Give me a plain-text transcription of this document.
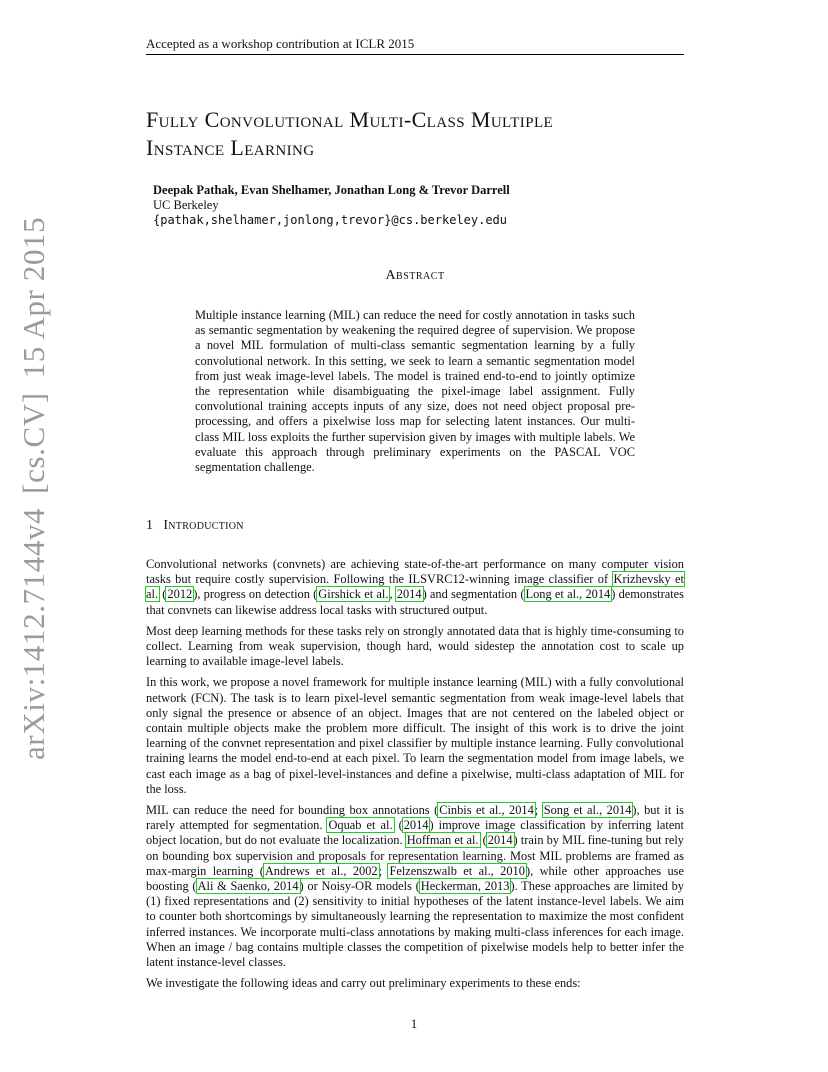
Accepted as a workshop contribution at ICLR 2015
Fully Convolutional Multi-Class Multiple
Instance Learning
Deepak Pathak, Evan Shelhamer, Jonathan Long & Trevor Darrell
UC Berkeley
{pathak,shelhamer,jonlong,trevor}@cs.berkeley.edu
Abstract
Multiple instance learning (MIL) can reduce the need for costly annotation in tasks such as semantic segmentation by weakening the required degree of supervision. We propose a novel MIL formulation of multi-class semantic segmentation learning by a fully convolutional network. In this setting, we seek to learn a semantic segmentation model from just weak image-level labels. The model is trained end-to-end to jointly optimize the representation while disambiguating the pixel-image label assignment. Fully convolutional training accepts inputs of any size, does not need object proposal pre-processing, and offers a pixelwise loss map for selecting latent instances. Our multi-class MIL loss exploits the further supervision given by images with multiple labels. We evaluate this approach through preliminary experiments on the PASCAL VOC segmentation challenge.
1 Introduction

Convolutional networks (convnets) are achieving state-of-the-art performance on many computer vision tasks but require costly supervision. Following the ILSVRC12-winning image classifier of Krizhevsky et al. (2012), progress on detection (Girshick et al., 2014) and segmentation (Long et al., 2014) demonstrates that convnets can likewise address local tasks with structured output.

Most deep learning methods for these tasks rely on strongly annotated data that is highly time-consuming to collect. Learning from weak supervision, though hard, would sidestep the annotation cost to scale up learning to available image-level labels.

In this work, we propose a novel framework for multiple instance learning (MIL) with a fully convolutional network (FCN). The task is to learn pixel-level semantic segmentation from weak image-level labels that only signal the presence or absence of an object. Images that are not centered on the labeled object or contain multiple objects make the problem more difficult. The insight of this work is to drive the joint learning of the convnet representation and pixel classifier by multiple instance learning. Fully convolutional training learns the model end-to-end at each pixel. To learn the segmentation model from image labels, we cast each image as a bag of pixel-level-instances and define a pixelwise, multi-class adaptation of MIL for the loss.

MIL can reduce the need for bounding box annotations (Cinbis et al., 2014; Song et al., 2014), but it is rarely attempted for segmentation. Oquab et al. (2014) improve image classification by inferring latent object location, but do not evaluate the localization. Hoffman et al. (2014) train by MIL fine-tuning but rely on bounding box supervision and proposals for representation learning. Most MIL problems are framed as max-margin learning (Andrews et al., 2002; Felzenszwalb et al., 2010), while other approaches use boosting (Ali & Saenko, 2014) or Noisy-OR models (Heckerman, 2013). These approaches are limited by (1) fixed representations and (2) sensitivity to initial hypotheses of the latent instance-level labels. We aim to counter both shortcomings by simultaneously learning the representation to maximize the most confident inferred instances. We incorporate multi-class annotations by making multi-class inferences for each image. When an image / bag contains multiple classes the competition of pixelwise models help to better infer the latent instance-level classes.

We investigate the following ideas and carry out preliminary experiments to these ends:

1
arXiv:1412.7144v4[cs.CV]15 Apr 2015
